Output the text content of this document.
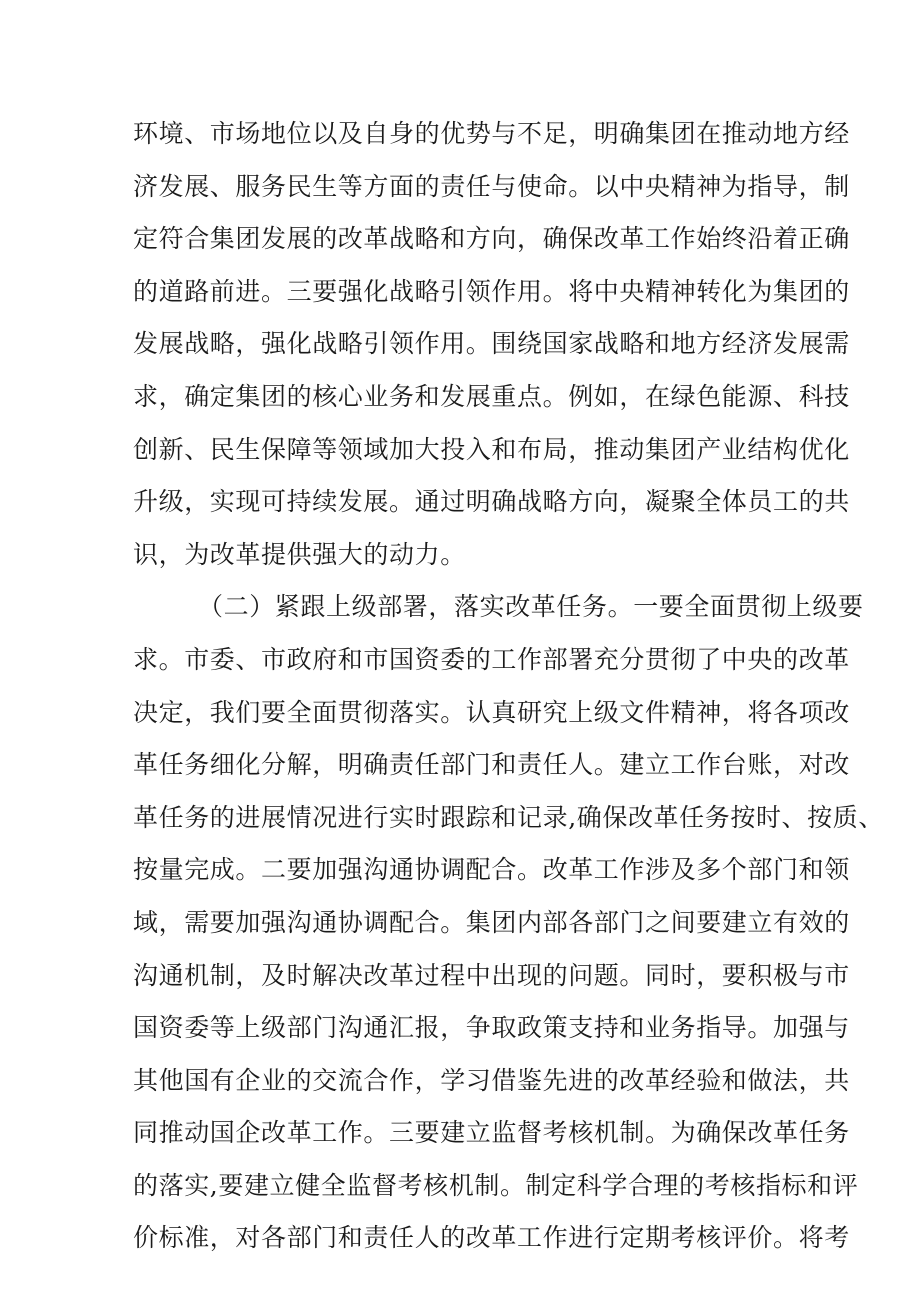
环境、市场地位以及自身的优势与不足，明确集团在推动地方经
济发展、服务民生等方面的责任与使命。以中央精神为指导，制
定符合集团发展的改革战略和方向，确保改革工作始终沿着正确
的道路前进。三要强化战略引领作用。将中央精神转化为集团的
发展战略，强化战略引领作用。围绕国家战略和地方经济发展需
求，确定集团的核心业务和发展重点。例如，在绿色能源、科技
创新、民生保障等领域加大投入和布局，推动集团产业结构优化
升级，实现可持续发展。通过明确战略方向，凝聚全体员工的共
识，为改革提供强大的动力。
（二）紧跟上级部署，落实改革任务。一要全面贯彻上级要
求。市委、市政府和市国资委的工作部署充分贯彻了中央的改革
决定，我们要全面贯彻落实。认真研究上级文件精神，将各项改
革任务细化分解，明确责任部门和责任人。建立工作台账，对改
革任务的进展情况进行实时跟踪和记录,确保改革任务按时、按质、
按量完成。二要加强沟通协调配合。改革工作涉及多个部门和领
域，需要加强沟通协调配合。集团内部各部门之间要建立有效的
沟通机制，及时解决改革过程中出现的问题。同时，要积极与市
国资委等上级部门沟通汇报，争取政策支持和业务指导。加强与
其他国有企业的交流合作，学习借鉴先进的改革经验和做法，共
同推动国企改革工作。三要建立监督考核机制。为确保改革任务
的落实,要建立健全监督考核机制。制定科学合理的考核指标和评
价标准，对各部门和责任人的改革工作进行定期考核评价。将考
